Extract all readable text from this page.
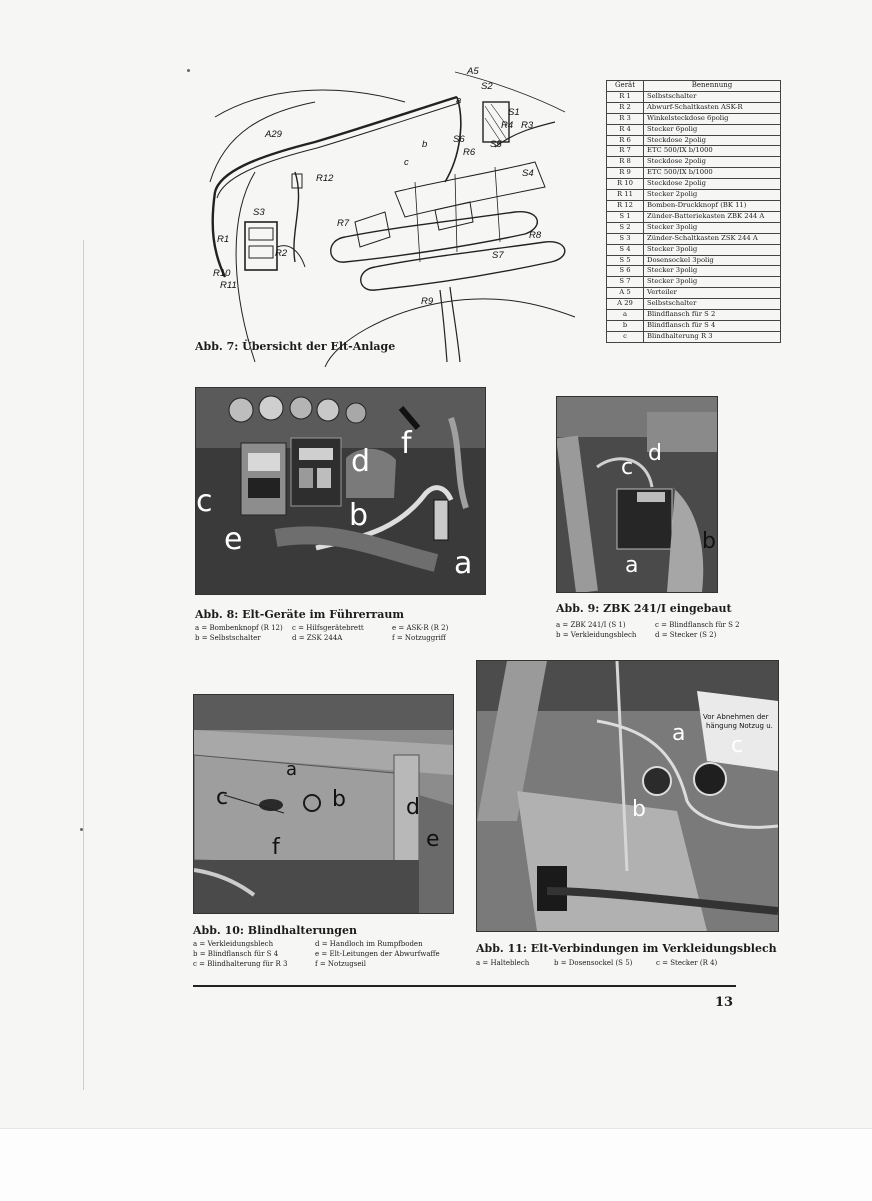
A5
S2
S1
R4 R3
a
S6
R6
b
c
S5
S4
A29
R12
S3
R1
R2
R10
R11
R7
R8
S7
R9
Abb. 7: Übersicht der Elt-Anlage
Gerät	Benennung
R 1	Selbstschalter
R 2	Abwurf-Schaltkasten ASK-R
R 3	Winkelsteckdose 6polig
R 4	Stecker 6polig
R 6	Steckdose 2polig
R 7	ETC 500/IX b/1000
R 8	Steckdose 2polig
R 9	ETC 500/IX b/1000
R 10	Steckdose 2polig
R 11	Stecker 2polig
R 12	Bomben-Druckknopf (BK 11)
S 1	Zünder-Batteriekasten ZBK 244 A
S 2	Stecker 3polig
S 3	Zünder-Schaltkasten ZSK 244 A
S 4	Stecker 3polig
S 5	Dosensockel 3polig
S 6	Stecker 3polig
S 7	Stecker 3polig
A 5	Verteiler
A 29	Selbstschalter
a	Blindflansch für S 2
b	Blindflansch für S 4
c	Blindhalterung R 3
c
e
d
b
f
a
Abb. 8: Elt-Geräte im Führerraum
a = Bombenknopf (R 12)
b = Selbstschalter
c = Hilfsgerätebrett
d = ZSK 244A
e = ASK-R (R 2)
f = Notzuggriff
c
d
b
a
Abb. 9: ZBK 241/I eingebaut
a = ZBK 241/I (S 1)
b = Verkleidungsblech
c = Blindflansch für S 2
d = Stecker (S 2)
a
b
c	d
e
f
Abb. 10: Blindhalterungen
a = Verkleidungsblech
b = Blindflansch für S 4
c = Blindhalterung für R 3
d = Handloch im Rumpfboden
e = Elt-Leitungen der Abwurfwaffe
f = Notzugseil
Vor Abnehmen der
hängung Notzug u.
a c
b
Abb. 11: Elt-Verbindungen im Verkleidungsblech
a = Halteblech	b = Dosensockel (S 5)	c = Stecker (R 4)
13
